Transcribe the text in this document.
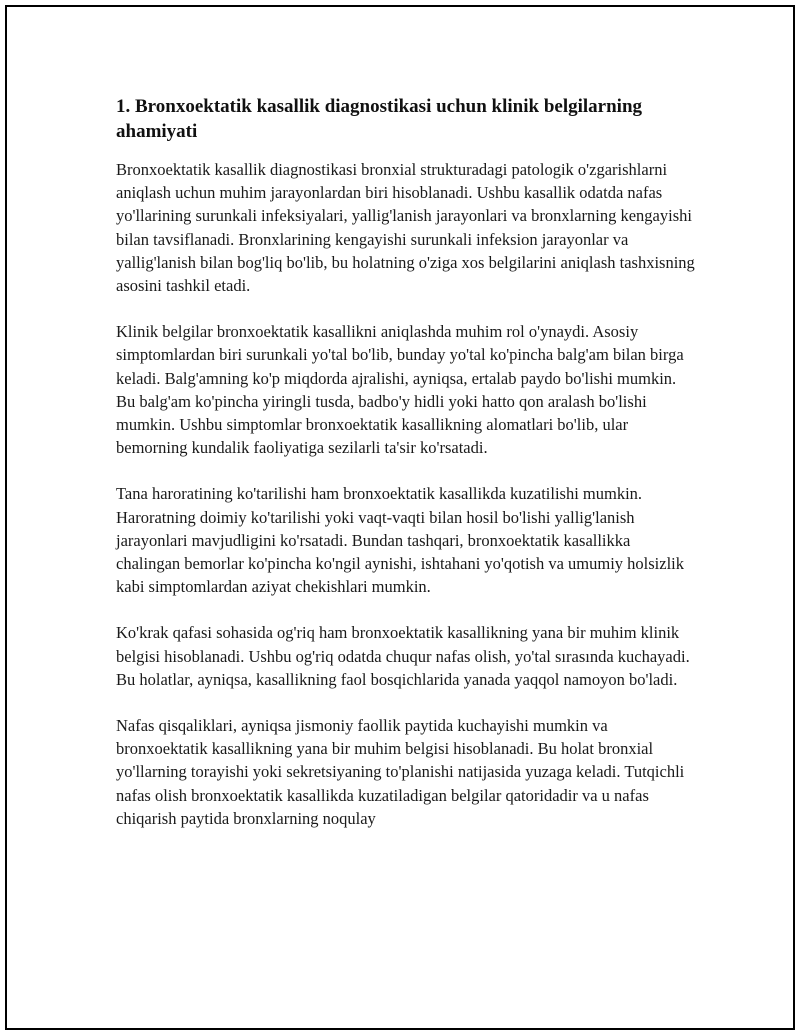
1. Bronxoektatik kasallik diagnostikasi uchun klinik belgilarning ahamiyati

Bronxoektatik kasallik diagnostikasi bronxial strukturadagi patologik o'zgarishlarni aniqlash uchun muhim jarayonlardan biri hisoblanadi. Ushbu kasallik odatda nafas yo'llarining surunkali infeksiyalari, yallig'lanish jarayonlari va bronxlarning kengayishi bilan tavsiflanadi. Bronxlarining kengayishi surunkali infeksion jarayonlar va yallig'lanish bilan bog'liq bo'lib, bu holatning o'ziga xos belgilarini aniqlash tashxisning asosini tashkil etadi.

Klinik belgilar bronxoektatik kasallikni aniqlashda muhim rol o'ynaydi. Asosiy simptomlardan biri surunkali yo'tal bo'lib, bunday yo'tal ko'pincha balg'am bilan birga keladi. Balg'amning ko'p miqdorda ajralishi, ayniqsa, ertalab paydo bo'lishi mumkin. Bu balg'am ko'pincha yiringli tusda, badbo'y hidli yoki hatto qon aralash bo'lishi mumkin. Ushbu simptomlar bronxoektatik kasallikning alomatlari bo'lib, ular bemorning kundalik faoliyatiga sezilarli ta'sir ko'rsatadi.

Tana haroratining ko'tarilishi ham bronxoektatik kasallikda kuzatilishi mumkin. Haroratning doimiy ko'tarilishi yoki vaqt-vaqti bilan hosil bo'lishi yallig'lanish jarayonlari mavjudligini ko'rsatadi. Bundan tashqari, bronxoektatik kasallikka chalingan bemorlar ko'pincha ko'ngil aynishi, ishtahani yo'qotish va umumiy holsizlik kabi simptomlardan aziyat chekishlari mumkin.

Ko'krak qafasi sohasida og'riq ham bronxoektatik kasallikning yana bir muhim klinik belgisi hisoblanadi. Ushbu og'riq odatda chuqur nafas olish, yo'tal sırasında kuchayadi. Bu holatlar, ayniqsa, kasallikning faol bosqichlarida yanada yaqqol namoyon bo'ladi.

Nafas qisqaliklari, ayniqsa jismoniy faollik paytida kuchayishi mumkin va bronxoektatik kasallikning yana bir muhim belgisi hisoblanadi. Bu holat bronxial yo'llarning torayishi yoki sekretsiyaning to'planishi natijasida yuzaga keladi. Tutqichli nafas olish bronxoektatik kasallikda kuzatiladigan belgilar qatoridadir va u nafas chiqarish paytida bronxlarning noqulay
